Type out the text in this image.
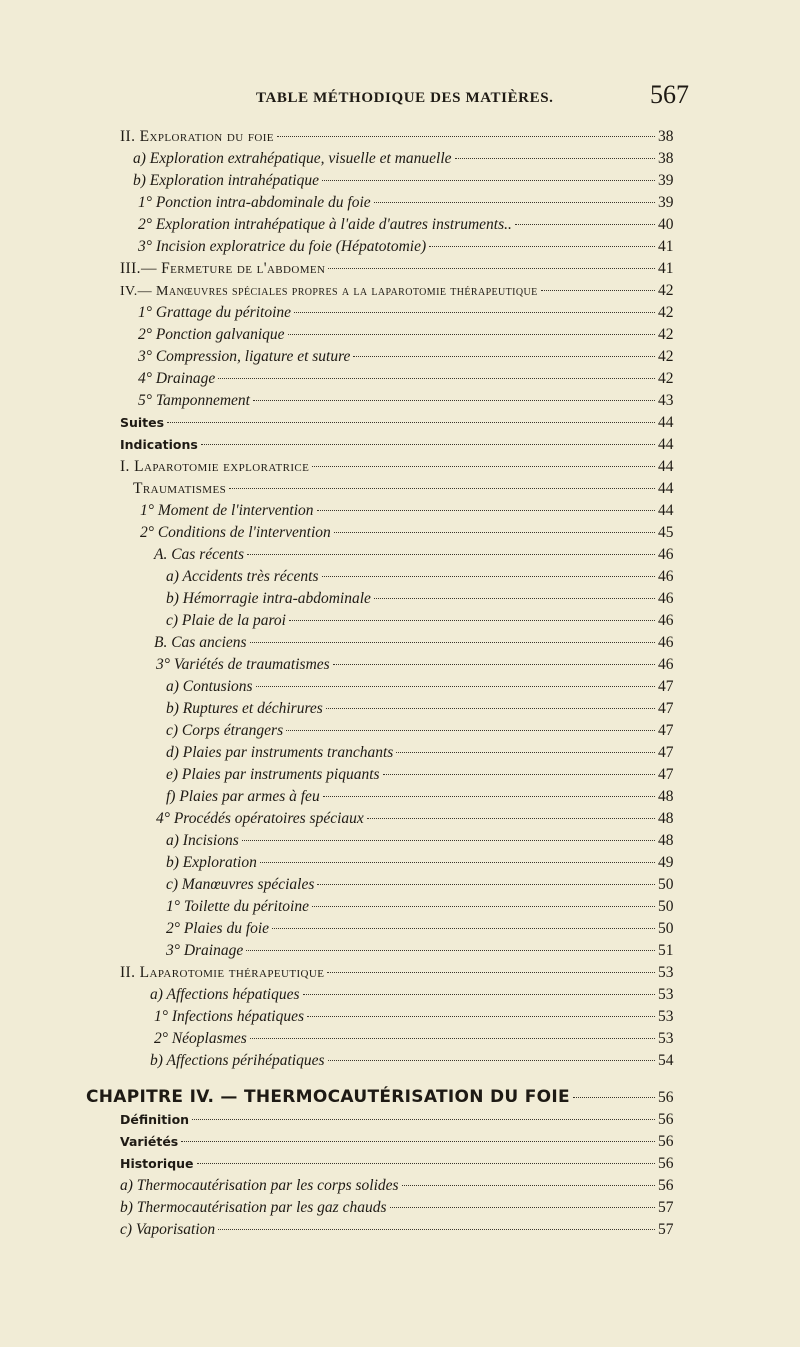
TABLE MÉTHODIQUE DES MATIÈRES.	567
II. Exploration du foie	38
a) Exploration extrahépatique, visuelle et manuelle	38
b) Exploration intrahépatique	39
1° Ponction intra-abdominale du foie	39
2° Exploration intrahépatique à l'aide d'autres instruments..	40
3° Incision exploratrice du foie (Hépatotomie)	41
III.— Fermeture de l'abdomen	41
IV.— Manœuvres spéciales propres a la laparotomie thérapeutique	42
1° Grattage du péritoine	42
2° Ponction galvanique	42
3° Compression, ligature et suture	42
4° Drainage	42
5° Tamponnement	43
Suites	44
Indications	44
I. Laparotomie exploratrice	44
Traumatismes	44
1° Moment de l'intervention	44
2° Conditions de l'intervention	45
A. Cas récents	46
a) Accidents très récents	46
b) Hémorragie intra-abdominale	46
c) Plaie de la paroi	46
B. Cas anciens	46
3° Variétés de traumatismes	46
a) Contusions	47
b) Ruptures et déchirures	47
c) Corps étrangers	47
d) Plaies par instruments tranchants	47
e) Plaies par instruments piquants	47
f) Plaies par armes à feu	48
4° Procédés opératoires spéciaux	48
a) Incisions	48
b) Exploration	49
c) Manœuvres spéciales	50
1° Toilette du péritoine	50
2° Plaies du foie	50
3° Drainage	51
II. Laparotomie thérapeutique	53
a) Affections hépatiques	53
1° Infections hépatiques	53
2° Néoplasmes	53
b) Affections périhépatiques	54
CHAPITRE IV. — THERMOCAUTÉRISATION DU FOIE	56
Définition	56
Variétés	56
Historique	56
a) Thermocautérisation par les corps solides	56
b) Thermocautérisation par les gaz chauds	57
c) Vaporisation	57
